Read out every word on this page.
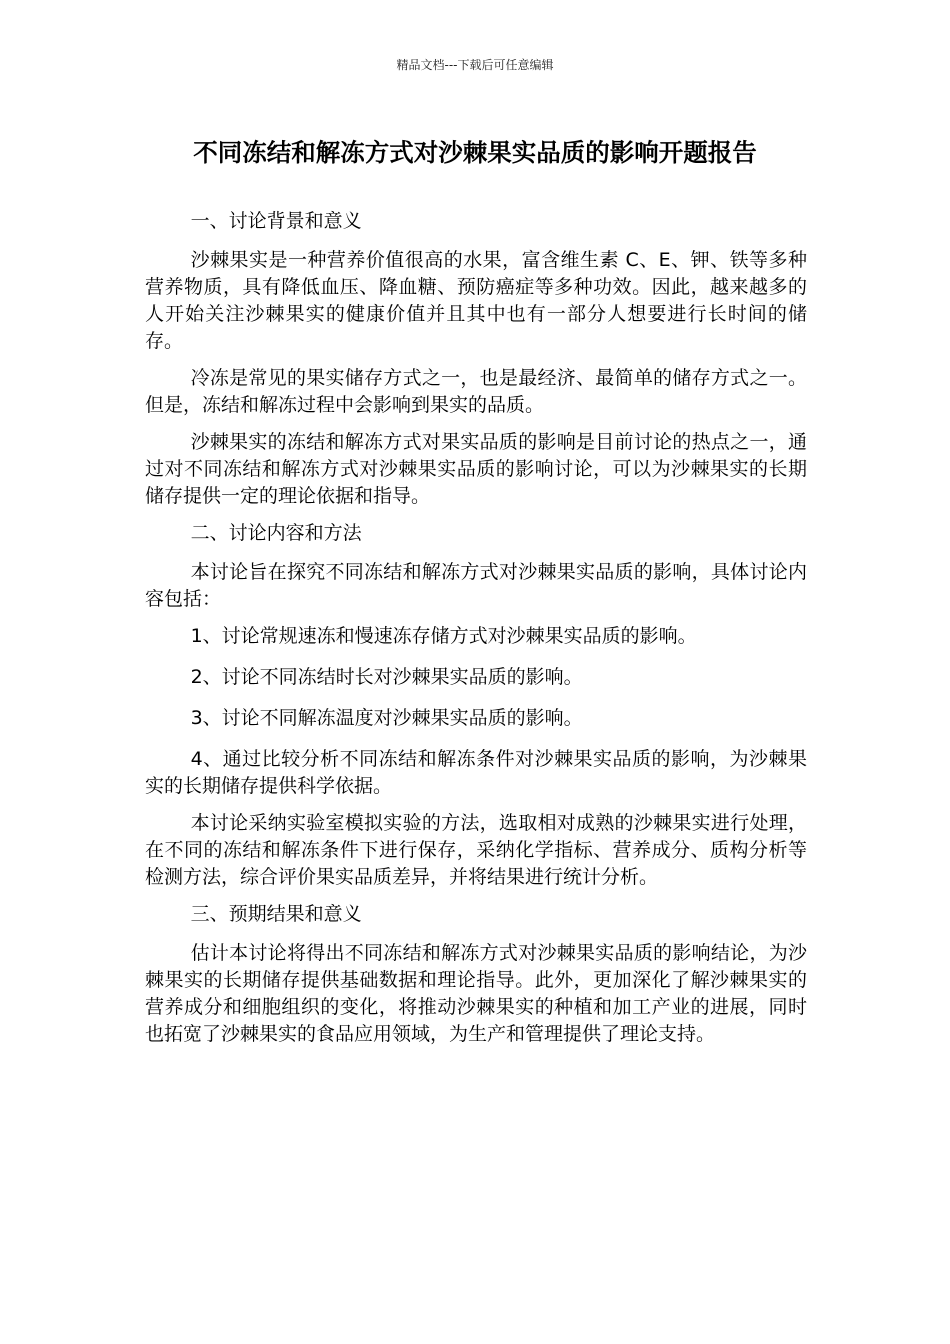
精品文档---下载后可任意编辑
不同冻结和解冻方式对沙棘果实品质的影响开题报告

一、讨论背景和意义

沙棘果实是一种营养价值很高的水果，富含维生素 C、E、钾、铁等多种营养物质，具有降低血压、降血糖、预防癌症等多种功效。因此，越来越多的人开始关注沙棘果实的健康价值并且其中也有一部分人想要进行长时间的储存。

冷冻是常见的果实储存方式之一，也是最经济、最简单的储存方式之一。但是，冻结和解冻过程中会影响到果实的品质。

沙棘果实的冻结和解冻方式对果实品质的影响是目前讨论的热点之一，通过对不同冻结和解冻方式对沙棘果实品质的影响讨论，可以为沙棘果实的长期储存提供一定的理论依据和指导。

二、讨论内容和方法

本讨论旨在探究不同冻结和解冻方式对沙棘果实品质的影响，具体讨论内容包括：

1、讨论常规速冻和慢速冻存储方式对沙棘果实品质的影响。

2、讨论不同冻结时长对沙棘果实品质的影响。

3、讨论不同解冻温度对沙棘果实品质的影响。

4、通过比较分析不同冻结和解冻条件对沙棘果实品质的影响，为沙棘果实的长期储存提供科学依据。

本讨论采纳实验室模拟实验的方法，选取相对成熟的沙棘果实进行处理，在不同的冻结和解冻条件下进行保存，采纳化学指标、营养成分、质构分析等检测方法，综合评价果实品质差异，并将结果进行统计分析。

三、预期结果和意义

估计本讨论将得出不同冻结和解冻方式对沙棘果实品质的影响结论，为沙棘果实的长期储存提供基础数据和理论指导。此外，更加深化了解沙棘果实的营养成分和细胞组织的变化，将推动沙棘果实的种植和加工产业的进展，同时也拓宽了沙棘果实的食品应用领域，为生产和管理提供了理论支持。
